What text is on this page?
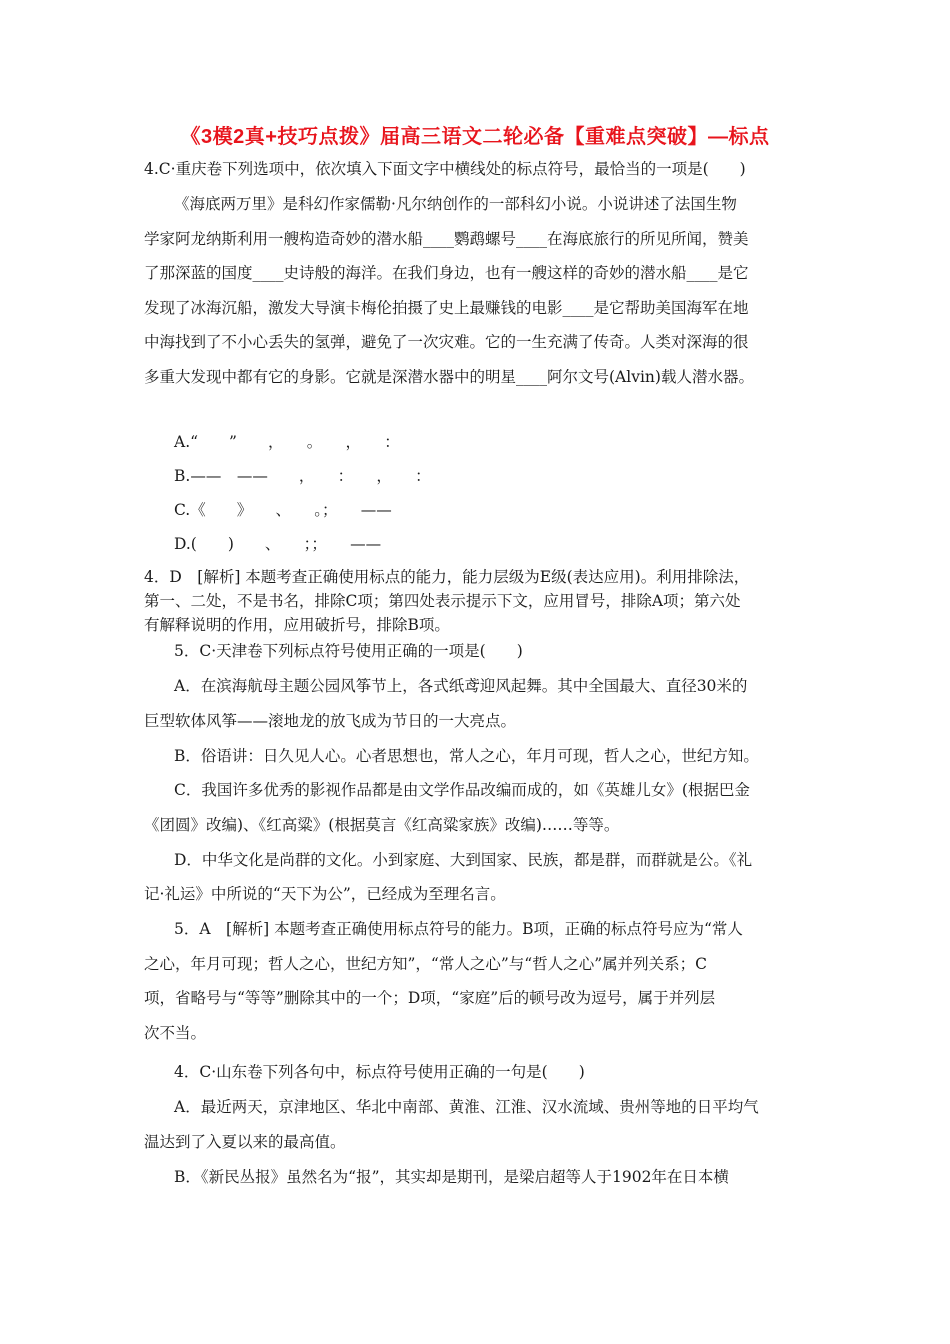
《3模2真+技巧点拨》届高三语文二轮必备【重难点突破】—标点
4.C·重庆卷下列选项中，依次填入下面文字中横线处的标点符号，最恰当的一项是(　　)
《海底两万里》是科幻作家儒勒·凡尔纳创作的一部科幻小说。小说讲述了法国生物
学家阿龙纳斯利用一艘构造奇妙的潜水船____鹦鹉螺号____在海底旅行的所见所闻，赞美
了那深蓝的国度____史诗般的海洋。在我们身边，也有一艘这样的奇妙的潜水船____是它
发现了冰海沉船，激发大导演卡梅伦拍摄了史上最赚钱的电影____是它帮助美国海军在地
中海找到了不小心丢失的氢弹，避免了一次灾难。它的一生充满了传奇。人类对深海的很
多重大发现中都有它的身影。它就是深潜水器中的明星____阿尔文号(Alvin)载人潜水器。
A.“　　”　　，　　。　　，　　：
B.——　——　　，　　：　　，　　：
C.《　　》　　、　　。；　　——
D.(　　)　　、　　；；　　——
4．D　[解析] 本题考查正确使用标点的能力，能力层级为E级(表达应用)。利用排除法，
第一、二处，不是书名，排除C项；第四处表示提示下文，应用冒号，排除A项；第六处
有解释说明的作用，应用破折号，排除B项。
5．C·天津卷下列标点符号使用正确的一项是(　　)
A．在滨海航母主题公园风筝节上，各式纸鸢迎风起舞。其中全国最大、直径30米的
巨型软体风筝——滚地龙的放飞成为节日的一大亮点。
B．俗语讲：日久见人心。心者思想也，常人之心，年月可现，哲人之心，世纪方知。
C．我国许多优秀的影视作品都是由文学作品改编而成的，如《英雄儿女》(根据巴金
《团圆》改编)、《红高粱》(根据莫言《红高粱家族》改编)……等等。
D．中华文化是尚群的文化。小到家庭、大到国家、民族，都是群，而群就是公。《礼
记·礼运》中所说的“天下为公”，已经成为至理名言。
5．A　[解析] 本题考查正确使用标点符号的能力。B项，正确的标点符号应为“常人
之心，年月可现；哲人之心，世纪方知”，“常人之心”与“哲人之心”属并列关系；C
项，省略号与“等等”删除其中的一个；D项，“家庭”后的顿号改为逗号，属于并列层
次不当。
4．C·山东卷下列各句中，标点符号使用正确的一句是(　　)
A．最近两天，京津地区、华北中南部、黄淮、江淮、汉水流域、贵州等地的日平均气
温达到了入夏以来的最高值。
B．《新民丛报》虽然名为“报”，其实却是期刊，是梁启超等人于1902年在日本横
